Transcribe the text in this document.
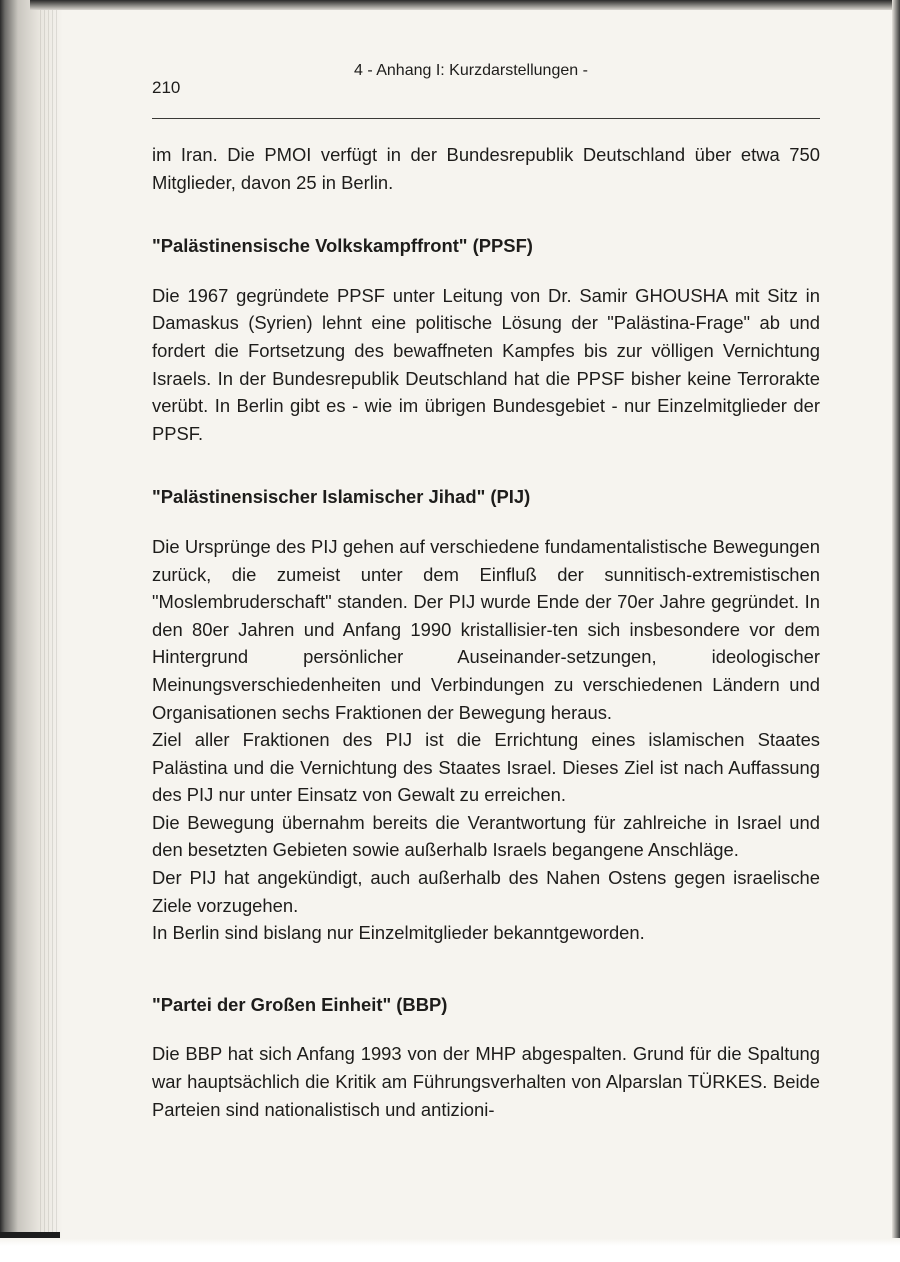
210
4 - Anhang I: Kurzdarstellungen -

im Iran. Die PMOI verfügt in der Bundesrepublik Deutschland über etwa 750 Mitglieder, davon 25 in Berlin.

"Palästinensische Volkskampffront" (PPSF)

Die 1967 gegründete PPSF unter Leitung von Dr. Samir GHOUSHA mit Sitz in Damaskus (Syrien) lehnt eine politische Lösung der "Palästina-Frage" ab und fordert die Fortsetzung des bewaffneten Kampfes bis zur völligen Vernichtung Israels. In der Bundesrepublik Deutschland hat die PPSF bisher keine Terrorakte verübt. In Berlin gibt es - wie im übrigen Bundesgebiet - nur Einzelmitglieder der PPSF.

"Palästinensischer Islamischer Jihad" (PIJ)

Die Ursprünge des PIJ gehen auf verschiedene fundamentalistische Bewegungen zurück, die zumeist unter dem Einfluß der sunnitisch-extremistischen "Moslembruderschaft" standen. Der PIJ wurde Ende der 70er Jahre gegründet. In den 80er Jahren und Anfang 1990 kristallisier-ten sich insbesondere vor dem Hintergrund persönlicher Auseinander-setzungen, ideologischer Meinungsverschiedenheiten und Verbindungen zu verschiedenen Ländern und Organisationen sechs Fraktionen der Bewegung heraus.

Ziel aller Fraktionen des PIJ ist die Errichtung eines islamischen Staates Palästina und die Vernichtung des Staates Israel. Dieses Ziel ist nach Auffassung des PIJ nur unter Einsatz von Gewalt zu erreichen.

Die Bewegung übernahm bereits die Verantwortung für zahlreiche in Israel und den besetzten Gebieten sowie außerhalb Israels begangene Anschläge.

Der PIJ hat angekündigt, auch außerhalb des Nahen Ostens gegen israelische Ziele vorzugehen.

In Berlin sind bislang nur Einzelmitglieder bekanntgeworden.

"Partei der Großen Einheit" (BBP)

Die BBP hat sich Anfang 1993 von der MHP abgespalten. Grund für die Spaltung war hauptsächlich die Kritik am Führungsverhalten von Alparslan TÜRKES. Beide Parteien sind nationalistisch und antizioni-
